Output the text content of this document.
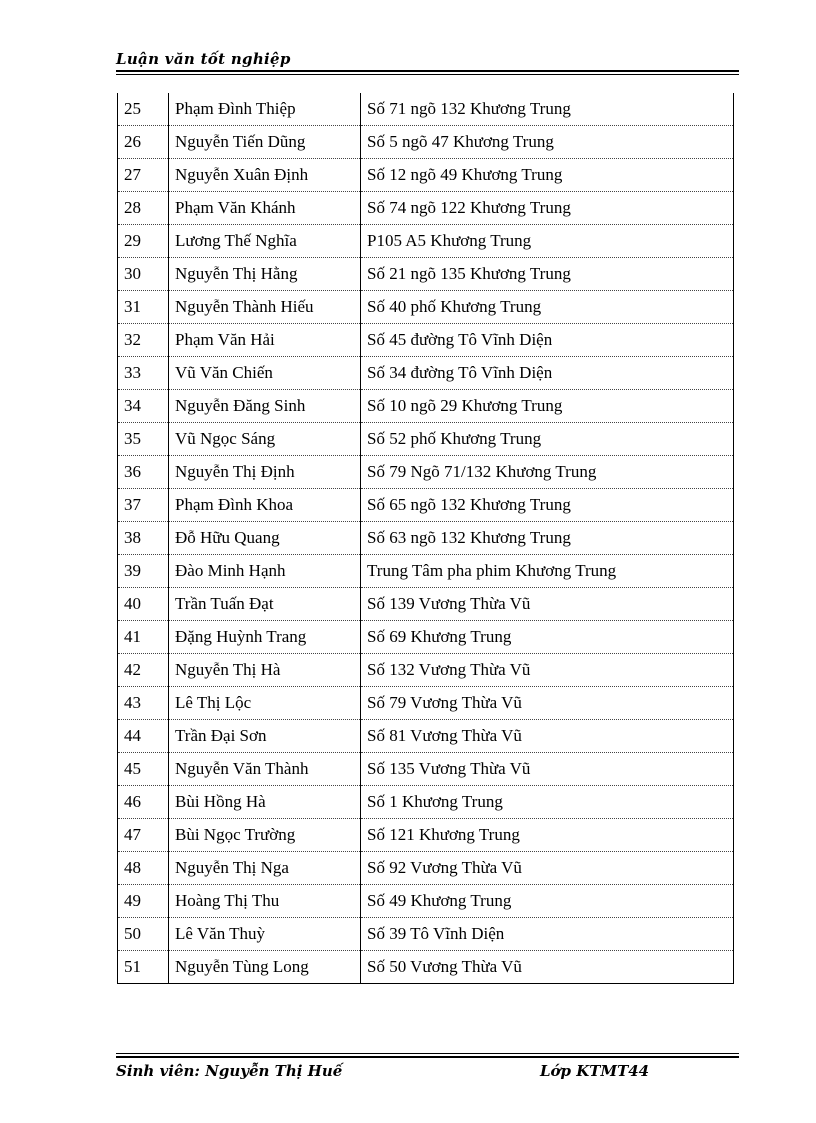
Luận văn tốt nghiệp
25	Phạm Đình Thiệp	Số 71 ngõ 132 Khương Trung
26	Nguyễn Tiến Dũng	Số 5 ngõ 47 Khương Trung
27	Nguyễn Xuân Định	Số 12 ngõ 49 Khương Trung
28	Phạm Văn Khánh	Số 74 ngõ 122 Khương Trung
29	Lương Thế Nghĩa	P105 A5 Khương Trung
30	Nguyễn Thị Hằng	Số 21 ngõ 135 Khương Trung
31	Nguyễn Thành Hiếu	Số 40 phố Khương Trung
32	Phạm Văn Hải	Số 45 đường Tô Vĩnh Diện
33	Vũ Văn Chiến	Số 34 đường Tô Vĩnh Diện
34	Nguyễn Đăng Sinh	Số 10 ngõ 29 Khương Trung
35	Vũ Ngọc Sáng	Số 52 phố Khương Trung
36	Nguyễn Thị Định	Số 79 Ngõ 71/132 Khương Trung
37	Phạm Đình Khoa	Số 65 ngõ 132 Khương Trung
38	Đỗ Hữu Quang	Số 63 ngõ 132 Khương Trung
39	Đào Minh Hạnh	Trung Tâm pha phim Khương Trung
40	Trần Tuấn Đạt	Số 139 Vương Thừa Vũ
41	Đặng Huỳnh Trang	Số 69 Khương Trung
42	Nguyễn Thị Hà	Số 132 Vương Thừa Vũ
43	Lê Thị Lộc	Số 79 Vương Thừa Vũ
44	Trần Đại Sơn	Số 81 Vương Thừa Vũ
45	Nguyễn Văn Thành	Số 135 Vương Thừa Vũ
46	Bùi Hồng Hà	Số 1 Khương Trung
47	Bùi Ngọc Trường	Số 121 Khương Trung
48	Nguyễn Thị Nga	Số 92 Vương Thừa Vũ
49	Hoàng Thị Thu	Số 49 Khương Trung
50	Lê Văn Thuỳ	Số 39 Tô Vĩnh Diện
51	Nguyễn Tùng Long	Số 50 Vương Thừa Vũ
Sinh viên: Nguyễn Thị Huế	Lớp KTMT44
